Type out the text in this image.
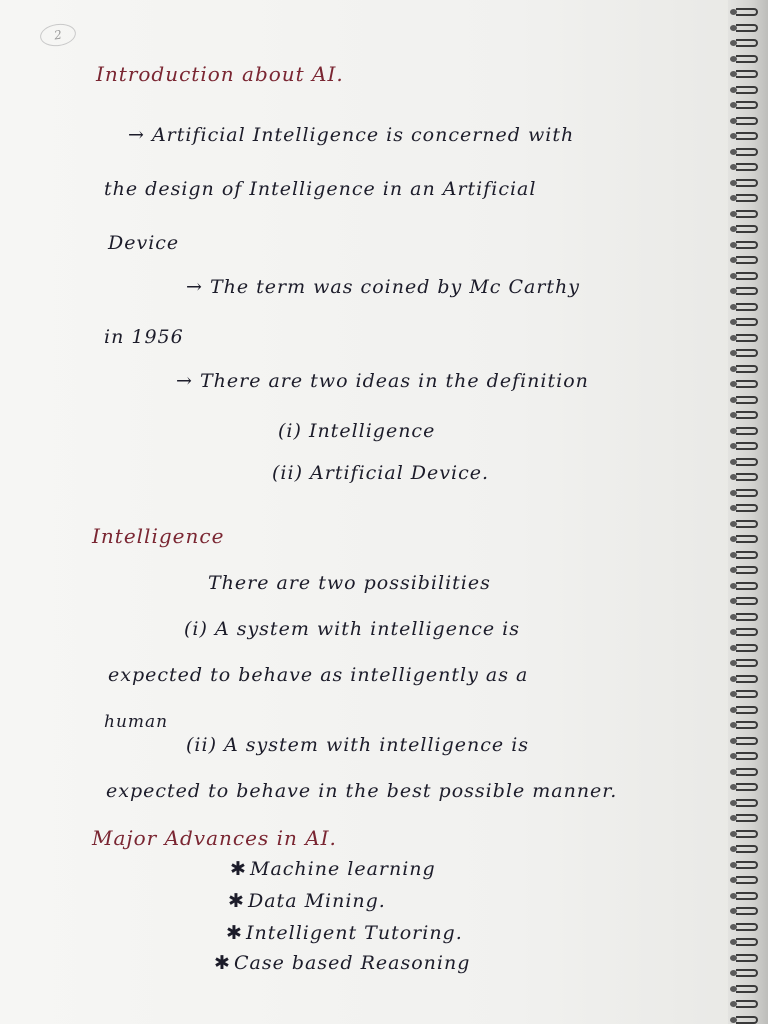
2
Introduction about AI.
→ Artificial Intelligence is concerned with
the design of Intelligence in an Artificial
Device
→ The term was coined by Mc Carthy
in 1956
→ There are two ideas in the definition
(i) Intelligence
(ii) Artificial Device.
Intelligence
There are two possibilities
(i) A system with intelligence is
expected to behave as intelligently as a
human
(ii) A system with intelligence is
expected to behave in the best possible manner.
Major Advances in AI.
✱ Machine learning
✱ Data Mining.
✱ Intelligent Tutoring.
✱ Case based Reasoning
